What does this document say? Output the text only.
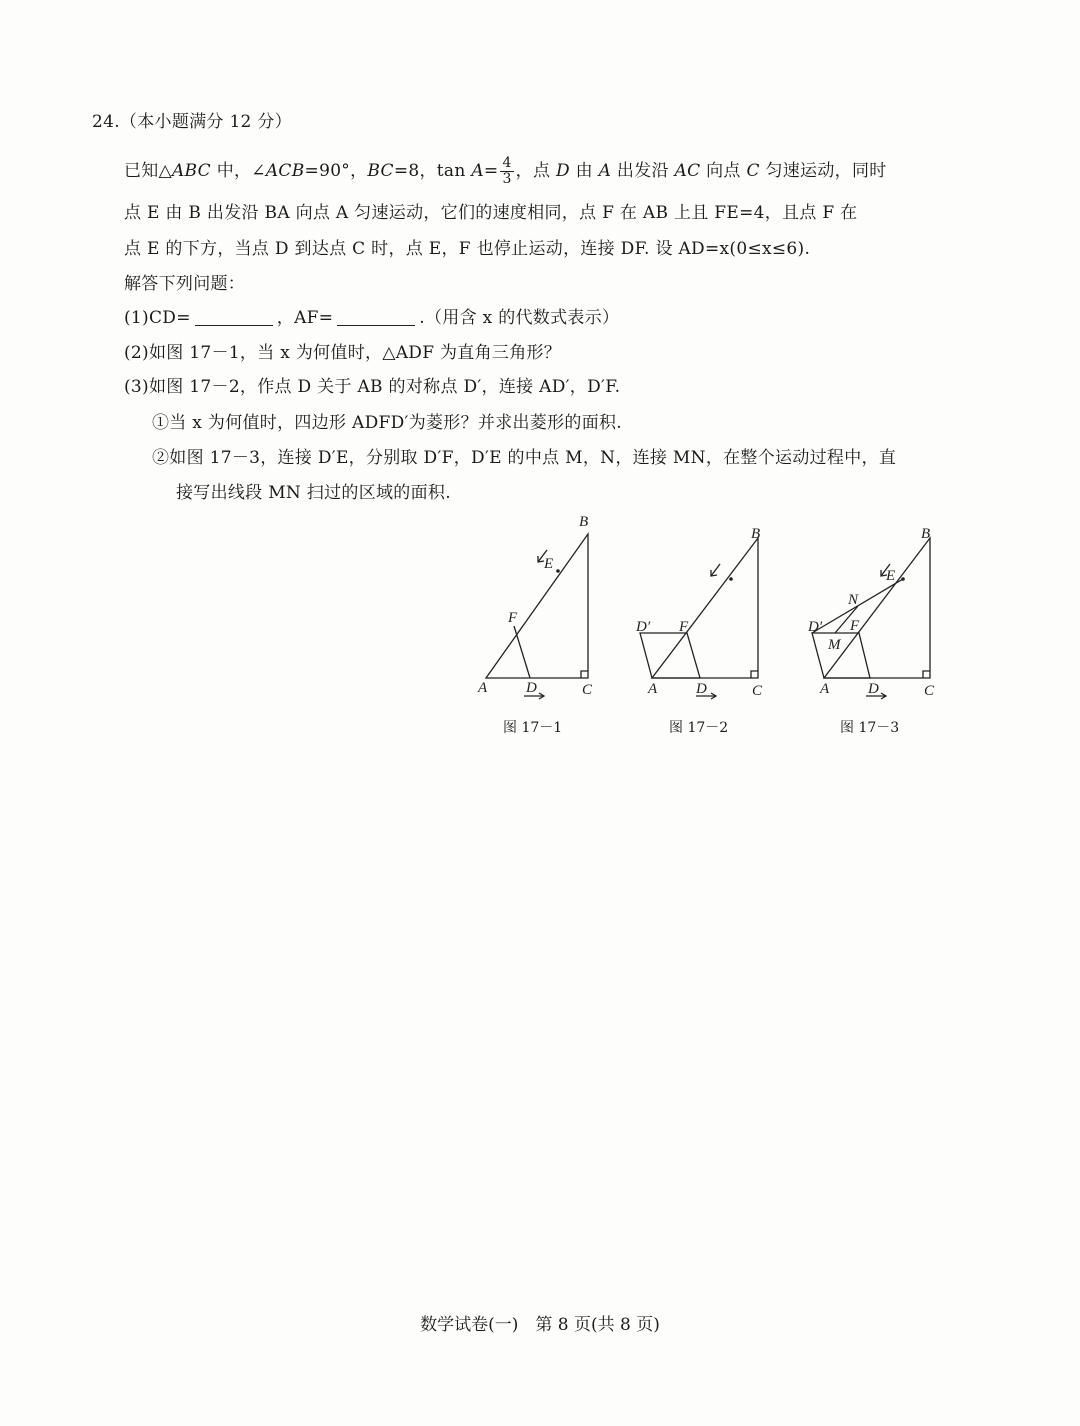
24.（本小题满分 12 分）
已知△ABC 中，∠ACB=90°，BC=8，$\tan A= \frac{4}{3}$ ，点 D 由 A 出发沿 AC 向点 C 匀速运动，同时
点 E 由 B 出发沿 BA 向点 A 匀速运动，它们的速度相同，点 F 在 AB 上且 FE=4，且点 F 在
点 E 的下方，当点 D 到达点 C 时，点 E，F 也停止运动，连接 DF. 设 AD=x(0≤x≤6).
解答下列问题：
(1)CD=	，AF=	.（用含 x 的代数式表示）
(2)如图 17－1，当 x 为何值时，△ADF 为直角三角形？
(3)如图 17－2，作点 D 关于 AB 的对称点 D′，连接 AD′，D′F.
①当 x 为何值时，四边形 ADFD′为菱形？并求出菱形的面积.
②如图 17－3，连接 D′E，分别取 D′F，D′E 的中点 M，N，连接 MN，在整个运动过程中，直
接写出线段 MN 扫过的区域的面积.
B
E
F
A	D	C
图 17－1
B
D′ F
A	D	C
图 17－2
B
E
N
D′ F
M
A	D	C
图 17－3
数学试卷(一)　第 8 页(共 8 页)
